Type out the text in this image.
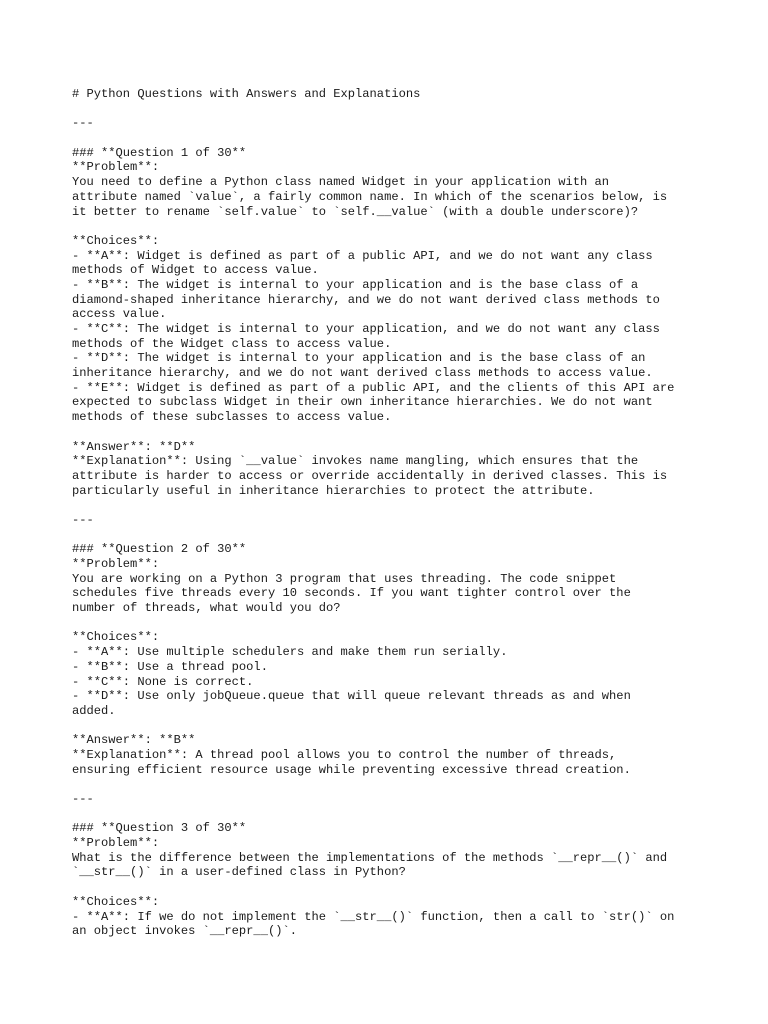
# Python Questions with Answers and Explanations
---
### **Question 1 of 30**
**Problem**:
You need to define a Python class named Widget in your application with an
attribute named `value`, a fairly common name. In which of the scenarios below, is
it better to rename `self.value` to `self.__value` (with a double underscore)?
**Choices**:
- **A**: Widget is defined as part of a public API, and we do not want any class
methods of Widget to access value.
- **B**: The widget is internal to your application and is the base class of a
diamond-shaped inheritance hierarchy, and we do not want derived class methods to
access value.
- **C**: The widget is internal to your application, and we do not want any class
methods of the Widget class to access value.
- **D**: The widget is internal to your application and is the base class of an
inheritance hierarchy, and we do not want derived class methods to access value.
- **E**: Widget is defined as part of a public API, and the clients of this API are
expected to subclass Widget in their own inheritance hierarchies. We do not want
methods of these subclasses to access value.
**Answer**: **D**
**Explanation**: Using `__value` invokes name mangling, which ensures that the
attribute is harder to access or override accidentally in derived classes. This is
particularly useful in inheritance hierarchies to protect the attribute.
---
### **Question 2 of 30**
**Problem**:
You are working on a Python 3 program that uses threading. The code snippet
schedules five threads every 10 seconds. If you want tighter control over the
number of threads, what would you do?
**Choices**:
- **A**: Use multiple schedulers and make them run serially.
- **B**: Use a thread pool.
- **C**: None is correct.
- **D**: Use only jobQueue.queue that will queue relevant threads as and when
added.
**Answer**: **B**
**Explanation**: A thread pool allows you to control the number of threads,
ensuring efficient resource usage while preventing excessive thread creation.
---
### **Question 3 of 30**
**Problem**:
What is the difference between the implementations of the methods `__repr__()` and
`__str__()` in a user-defined class in Python?
**Choices**:
- **A**: If we do not implement the `__str__()` function, then a call to `str()` on
an object invokes `__repr__()`.
